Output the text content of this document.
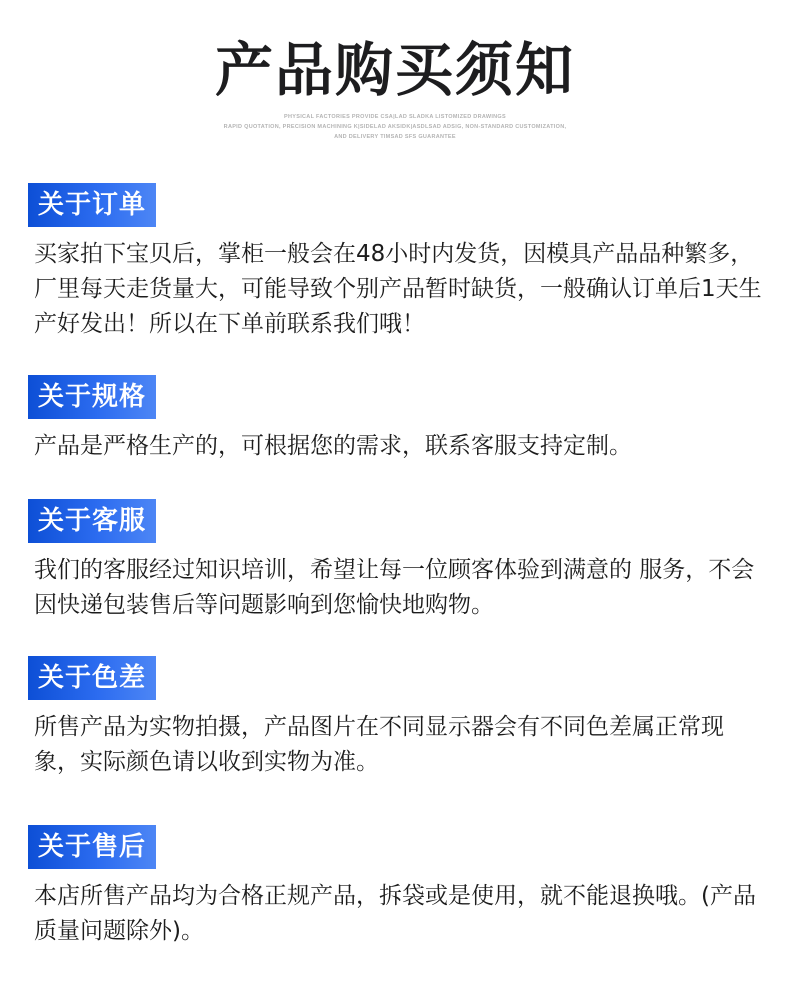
产品购买须知
PHYSICAL FACTORIES PROVIDE CSA|LAD SLADKA LISTOMIZED DRAWINGS
RAPID QUOTATION, PRECISION MACHINING K|SIDELAD AKSIDK|ASDLSAD ADSIG, NON-STANDARD CUSTOMIZATION,
AND DELIVERY TIMSAD SFS GUARANTEE
关于订单
买家拍下宝贝后，掌柜一般会在48小时内发货，因模具产品品种繁多，厂里每天走货量大，可能导致个别产品暂时缺货，一般确认订单后1天生产好发出！所以在下单前联系我们哦！
关于规格
产品是严格生产的，可根据您的需求，联系客服支持定制。
关于客服
我们的客服经过知识培训，希望让每一位顾客体验到满意的 服务，不会因快递包装售后等问题影响到您愉快地购物。
关于色差
所售产品为实物拍摄，产品图片在不同显示器会有不同色差属正常现象，实际颜色请以收到实物为准。
关于售后
本店所售产品均为合格正规产品，拆袋或是使用，就不能退换哦。(产品质量问题除外)。
